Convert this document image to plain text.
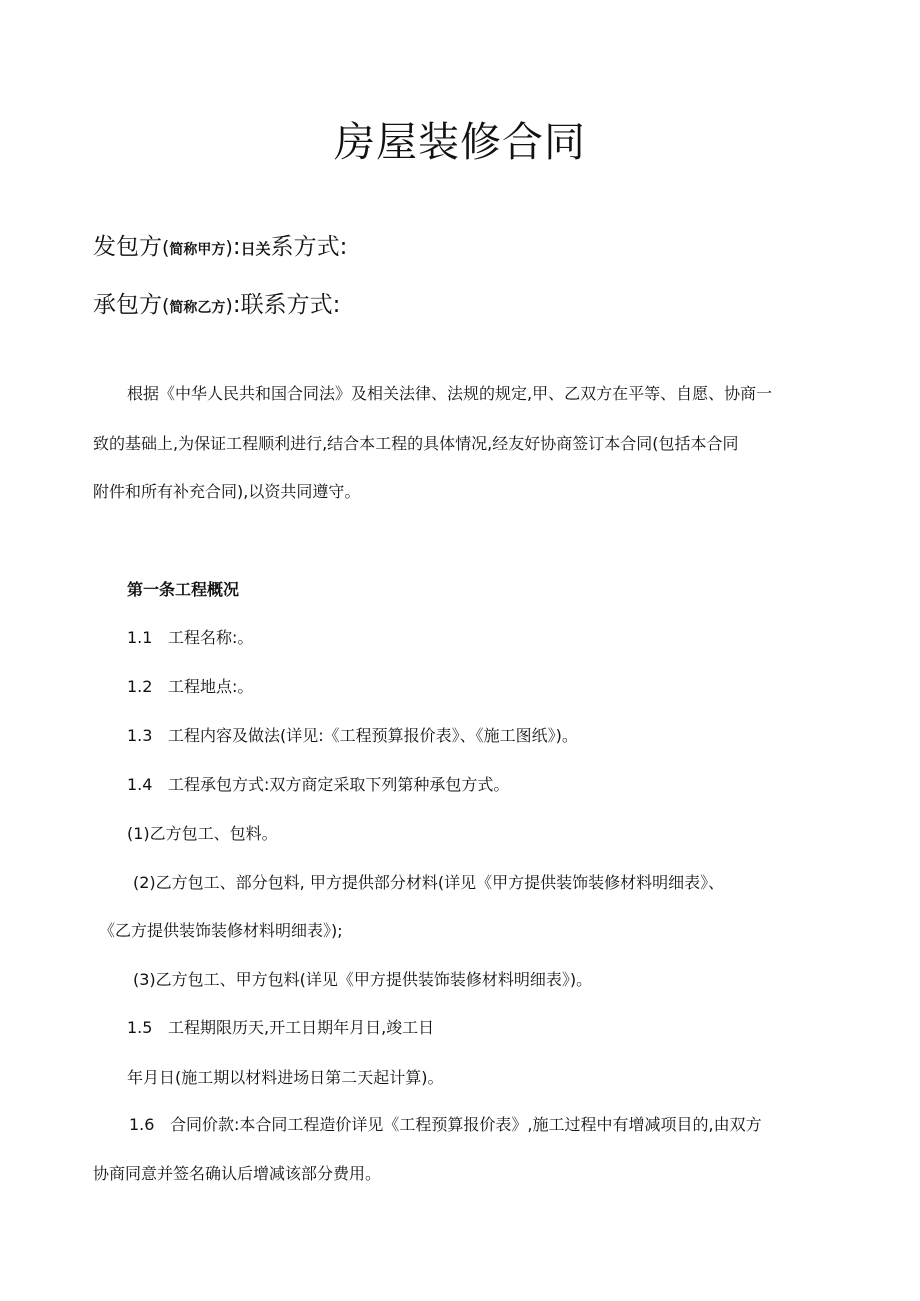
房屋装修合同
发包方(简称甲方):日关系方式:
承包方(简称乙方):联系方式:
根据《中华人民共和国合同法》及相关法律、法规的规定,甲、乙双方在平等、自愿、协商一
致的基础上,为保证工程顺利进行,结合本工程的具体情况,经友好协商签订本合同(包括本合同
附件和所有补充合同),以资共同遵守。
第一条工程概况
1.1 工程名称:。
1.2 工程地点:。
1.3 工程内容及做法(详见:《工程预算报价表》、《施工图纸》)。
1.4 工程承包方式:双方商定采取下列第种承包方式。
(1)乙方包工、包料。
(2)乙方包工、部分包料, 甲方提供部分材料(详见《甲方提供装饰装修材料明细表》、
《乙方提供装饰装修材料明细表》);
(3)乙方包工、甲方包料(详见《甲方提供装饰装修材料明细表》)。
1.5 工程期限历天,开工日期年月日,竣工日
年月日(施工期以材料进场日第二天起计算)。
1.6 合同价款:本合同工程造价详见《工程预算报价表》,施工过程中有增减项目的,由双方
协商同意并签名确认后增减该部分费用。
